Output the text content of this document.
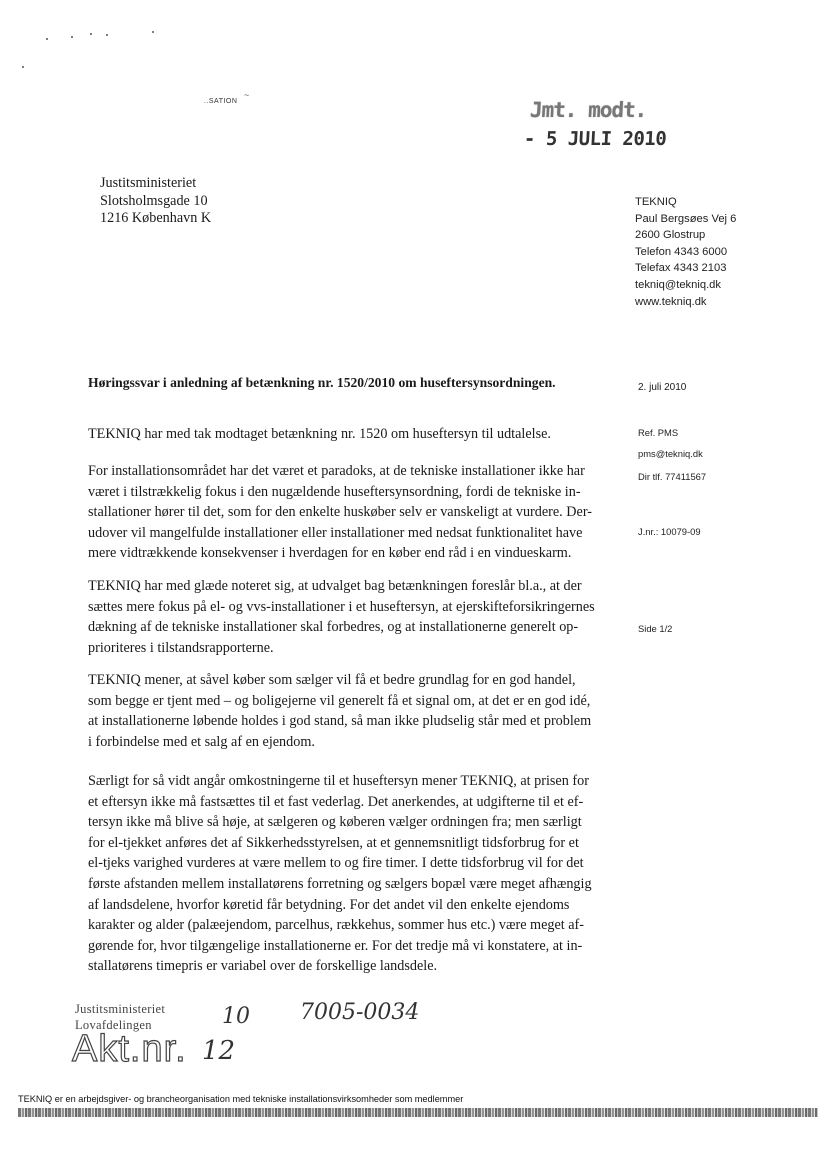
~
..SATION	Jmt. modt.
- 5 JULI 2010
Justitsministeriet
Slotsholmsgade 10
1216 København K
TEKNIQ
Paul Bergsøes Vej 6
2600 Glostrup
Telefon 4343 6000
Telefax 4343 2103
tekniq@tekniq.dk
www.tekniq.dk
Høringssvar i anledning af betænkning nr. 1520/2010 om huseftersynsordningen.	2. juli 2010
Ref. PMS
pms@tekniq.dk
Dir tlf. 77411567
J.nr.: 10079-09
Side 1/2
TEKNIQ har med tak modtaget betænkning nr. 1520 om huseftersyn til udtalelse.
For installationsområdet har det været et paradoks, at de tekniske installationer ikke har
været i tilstrækkelig fokus i den nugældende huseftersynsordning, fordi de tekniske in-
stallationer hører til det, som for den enkelte huskøber selv er vanskeligt at vurdere. Der-
udover vil mangelfulde installationer eller installationer med nedsat funktionalitet have
mere vidtrækkende konsekvenser i hverdagen for en køber end råd i en vindueskarm.
TEKNIQ har med glæde noteret sig, at udvalget bag betænkningen foreslår bl.a., at der
sættes mere fokus på el- og vvs-installationer i et huseftersyn, at ejerskifteforsikringernes
dækning af de tekniske installationer skal forbedres, og at installationerne generelt op-
prioriteres i tilstandsrapporterne.
TEKNIQ mener, at såvel køber som sælger vil få et bedre grundlag for en god handel,
som begge er tjent med – og boligejerne vil generelt få et signal om, at det er en god idé,
at installationerne løbende holdes i god stand, så man ikke pludselig står med et problem
i forbindelse med et salg af en ejendom.
Særligt for så vidt angår omkostningerne til et huseftersyn mener TEKNIQ, at prisen for
et eftersyn ikke må fastsættes til et fast vederlag. Det anerkendes, at udgifterne til et ef-
tersyn ikke må blive så høje, at sælgeren og køberen vælger ordningen fra; men særligt
for el-tjekket anføres det af Sikkerhedsstyrelsen, at et gennemsnitligt tidsforbrug for et
el-tjeks varighed vurderes at være mellem to og fire timer. I dette tidsforbrug vil for det
første afstanden mellem installatørens forretning og sælgers bopæl være meget afhængig
af landsdelene, hvorfor køretid får betydning. For det andet vil den enkelte ejendoms
karakter og alder (palæejendom, parcelhus, rækkehus, sommer hus etc.) være meget af-
gørende for, hvor tilgængelige installationerne er. For det tredje må vi konstatere, at in-
stallatørens timepris er variabel over de forskellige landsdele.
Justitsministeriet
Lovafdelingen
Akt.nr. 12
10 7005-0034
TEKNIQ er en arbejdsgiver- og brancheorganisation med tekniske installationsvirksomheder som medlemmer
